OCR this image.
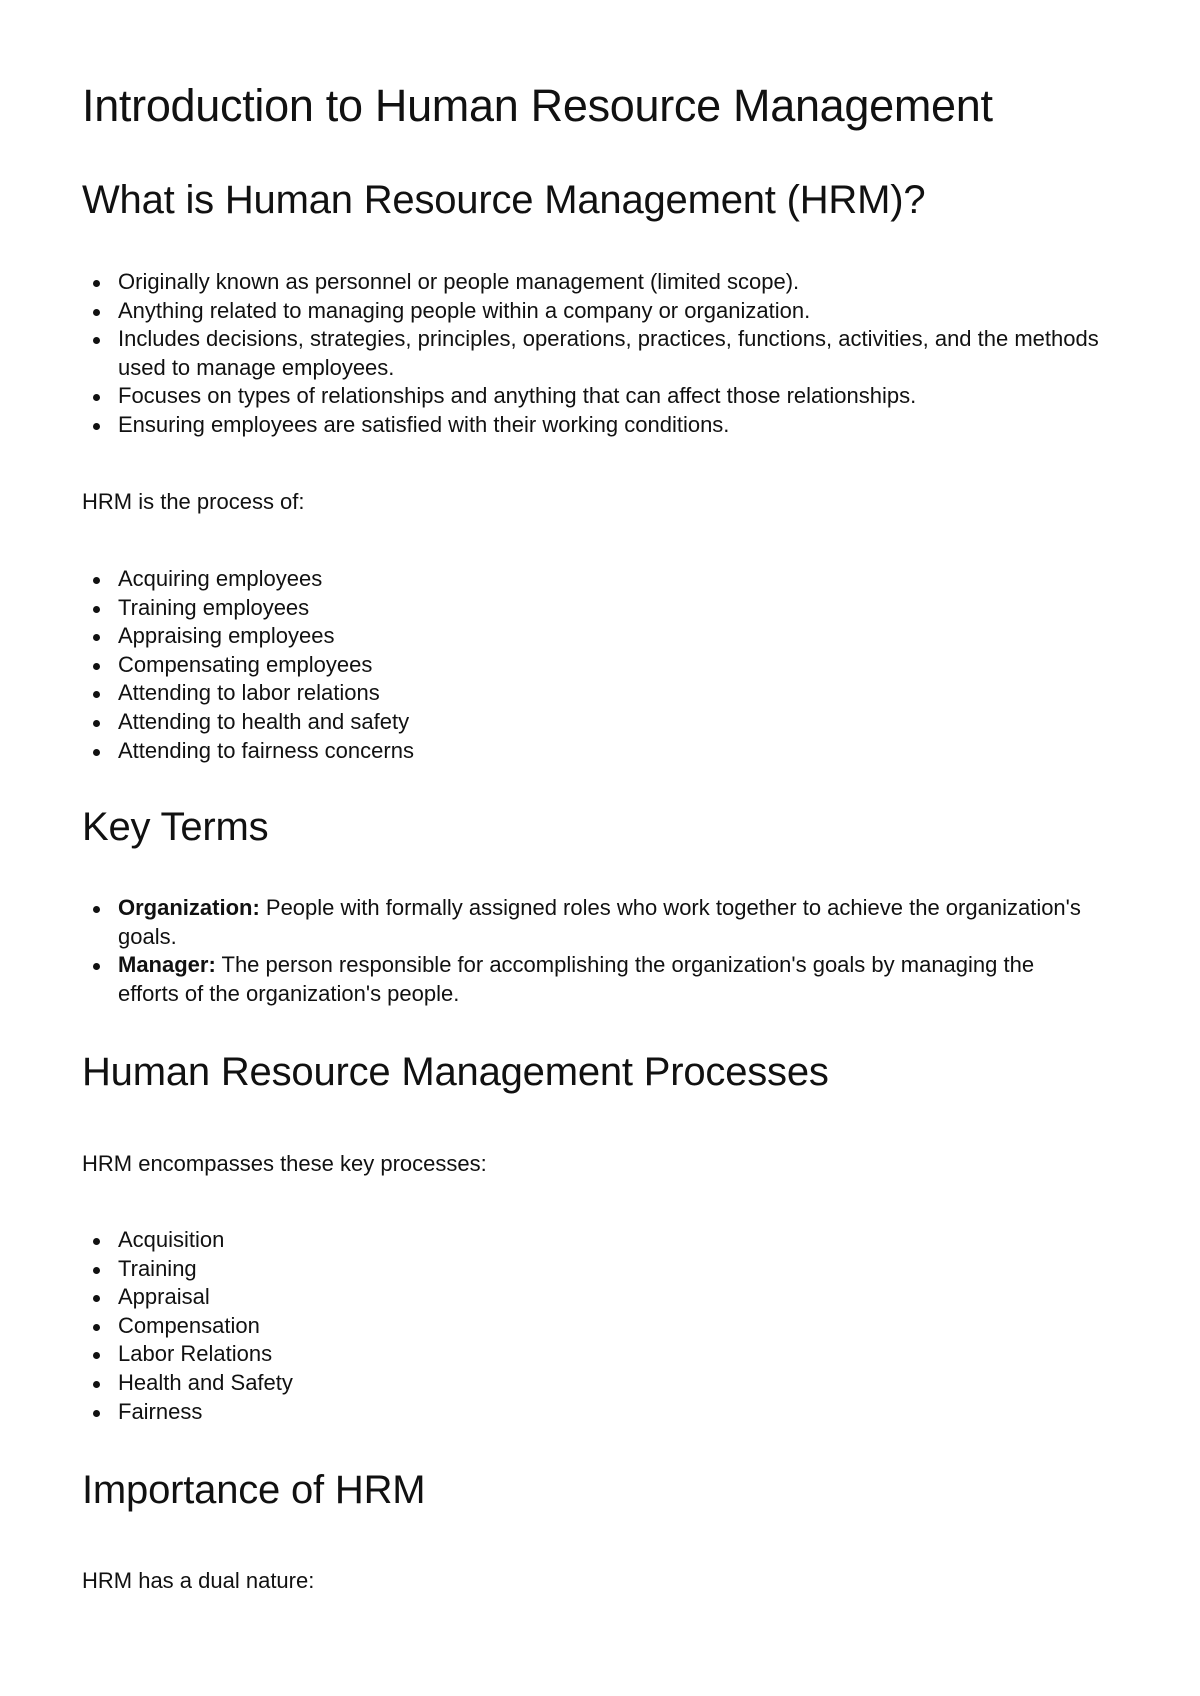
Introduction to Human Resource Management
What is Human Resource Management (HRM)?
Originally known as personnel or people management (limited scope).
Anything related to managing people within a company or organization.
Includes decisions, strategies, principles, operations, practices, functions, activities, and the methods used to manage employees.
Focuses on types of relationships and anything that can affect those relationships.
Ensuring employees are satisfied with their working conditions.

HRM is the process of:

Acquiring employees
Training employees
Appraising employees
Compensating employees
Attending to labor relations
Attending to health and safety
Attending to fairness concerns
Key Terms
Organization: People with formally assigned roles who work together to achieve the organization's goals.
Manager: The person responsible for accomplishing the organization's goals by managing the efforts of the organization's people.
Human Resource Management Processes

HRM encompasses these key processes:

Acquisition
Training
Appraisal
Compensation
Labor Relations
Health and Safety
Fairness
Importance of HRM

HRM has a dual nature:
